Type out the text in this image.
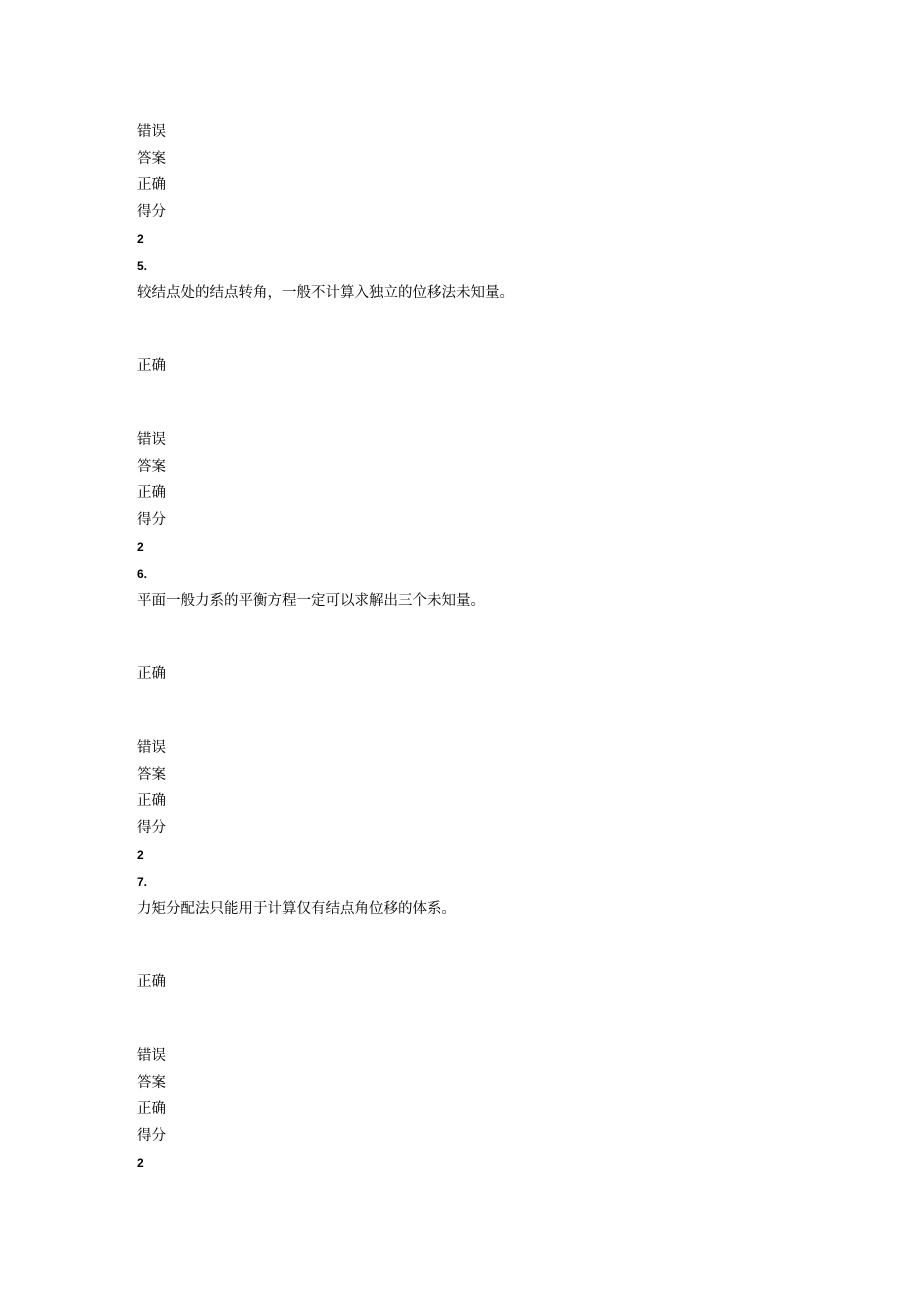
错误
答案
正确
得分
2
5.
较结点处的结点转角，一般不计算入独立的位移法未知量。
正确
错误
答案
正确
得分
2
6.
平面一般力系的平衡方程一定可以求解出三个未知量。
正确
错误
答案
正确
得分
2
7.
力矩分配法只能用于计算仅有结点角位移的体系。
正确
错误
答案
正确
得分
2
